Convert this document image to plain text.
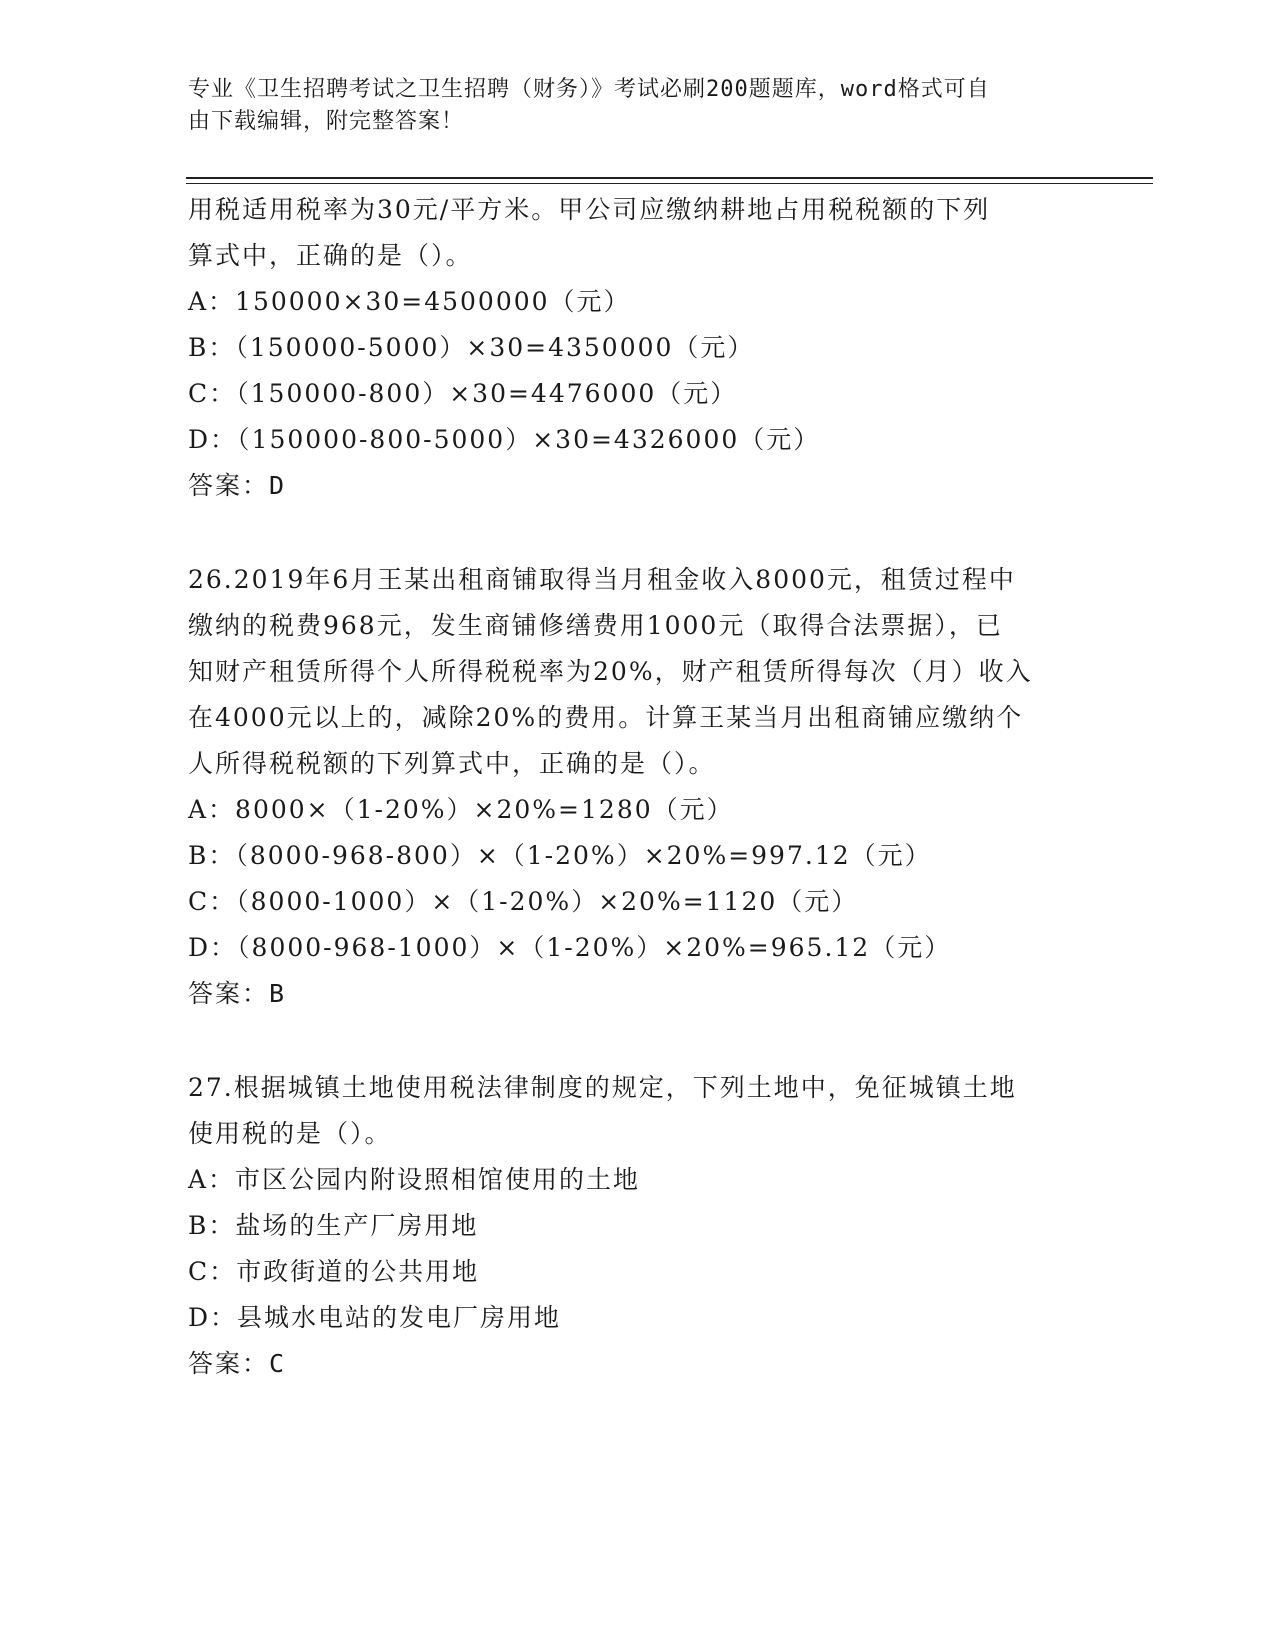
专业《卫生招聘考试之卫生招聘（财务）》考试必刷200题题库，word格式可自
由下载编辑，附完整答案！
用税适用税率为30元/平方米。甲公司应缴纳耕地占用税税额的下列
算式中，正确的是（）。
A：150000×30=4500000（元）
B：（150000-5000）×30=4350000（元）
C：（150000-800）×30=4476000（元）
D：（150000-800-5000）×30=4326000（元）
答案：D
26.2019年6月王某出租商铺取得当月租金收入8000元，租赁过程中
缴纳的税费968元，发生商铺修缮费用1000元（取得合法票据），已
知财产租赁所得个人所得税税率为20%，财产租赁所得每次（月）收入
在4000元以上的，减除20%的费用。计算王某当月出租商铺应缴纳个
人所得税税额的下列算式中，正确的是（）。
A：8000×（1-20%）×20%=1280（元）
B：（8000-968-800）×（1-20%）×20%=997.12（元）
C：（8000-1000）×（1-20%）×20%=1120（元）
D：（8000-968-1000）×（1-20%）×20%=965.12（元）
答案：B
27.根据城镇土地使用税法律制度的规定，下列土地中，免征城镇土地
使用税的是（）。
A：市区公园内附设照相馆使用的土地
B：盐场的生产厂房用地
C：市政街道的公共用地
D：县城水电站的发电厂房用地
答案：C
